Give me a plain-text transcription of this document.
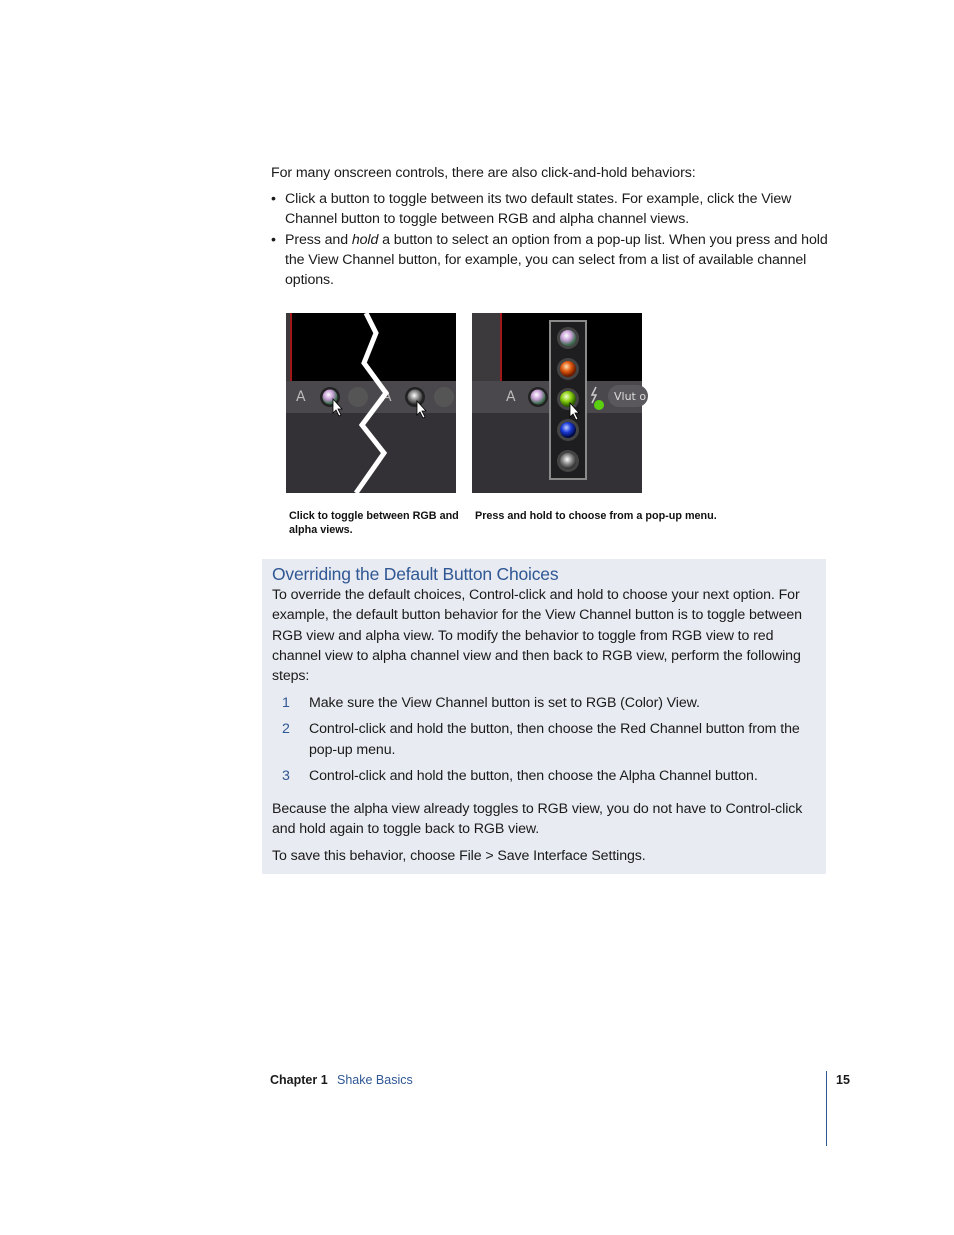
For many onscreen controls, there are also click-and-hold behaviors:

• Click a button to toggle between its two default states. For example, click the View Channel button to toggle between RGB and alpha channel views.
• Press and hold a button to select an option from a pop-up list. When you press and hold the View Channel button, for example, you can select from a list of available channel options.
A	A	A	Vlut o
Click to toggle between RGB and alpha views.
Press and hold to choose from a pop-up menu.
Overriding the Default Button Choices

To override the default choices, Control-click and hold to choose your next option. For example, the default button behavior for the View Channel button is to toggle between RGB view and alpha view. To modify the behavior to toggle from RGB view to red channel view to alpha channel view and then back to RGB view, perform the following steps:

1 Make sure the View Channel button is set to RGB (Color) View.
2 Control-click and hold the button, then choose the Red Channel button from the pop-up menu.
3 Control-click and hold the button, then choose the Alpha Channel button.

Because the alpha view already toggles to RGB view, you do not have to Control-click and hold again to toggle back to RGB view.

To save this behavior, choose File > Save Interface Settings.

Chapter 1 Shake Basics	15
